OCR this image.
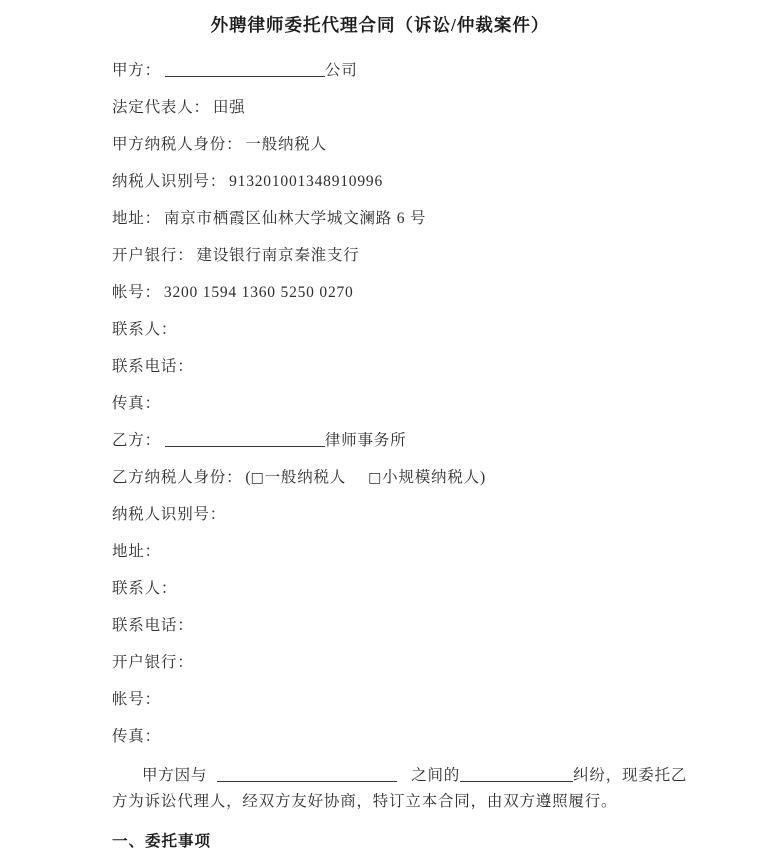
外聘律师委托代理合同（诉讼/仲裁案件）
甲方：	公司
法定代表人： 田强
甲方纳税人身份： 一般纳税人
纳税人识别号： 913201001348910996
地址： 南京市栖霞区仙林大学城文澜路 6 号
开户银行： 建设银行南京秦淮支行
帐号： 3200 1594 1360 5250 0270
联系人：
联系电话：
传真：
乙方：	律师事务所
乙方纳税人身份： (□一般纳税人 □小规模纳税人)
纳税人识别号：
地址：
联系人：
联系电话：
开户银行：
帐号：
传真：
甲方因与	之间的	纠纷，现委托乙
方为诉讼代理人，经双方友好协商，特订立本合同，由双方遵照履行。
一、委托事项
